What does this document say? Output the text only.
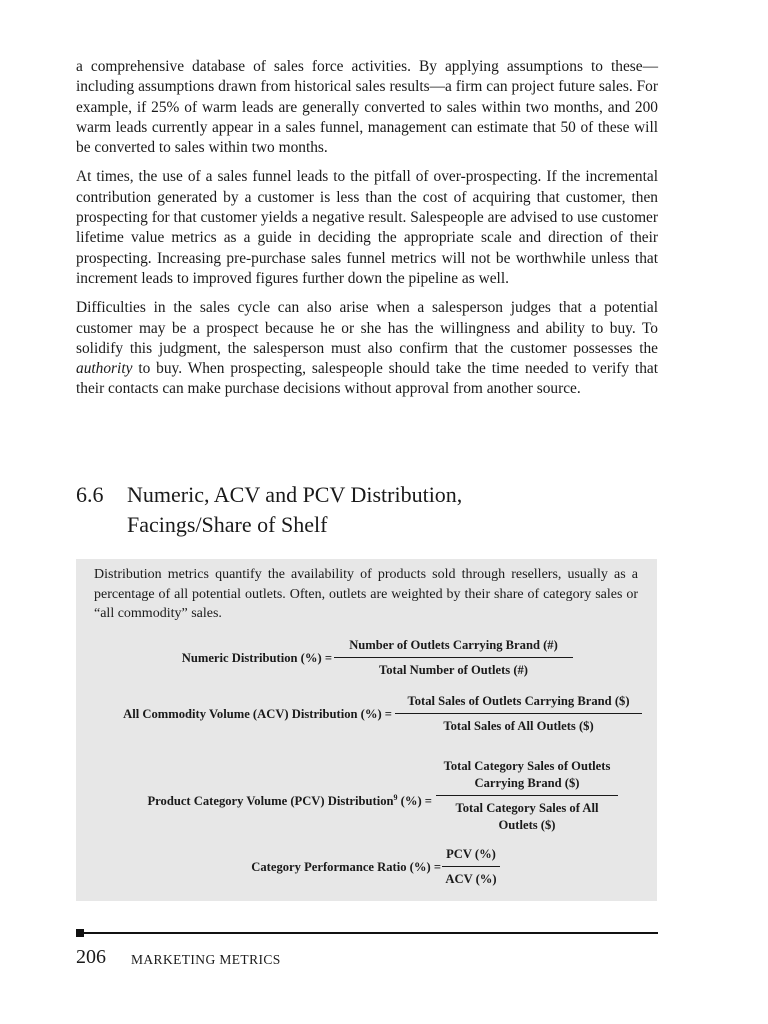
a comprehensive database of sales force activities. By applying assumptions to these—including assumptions drawn from historical sales results—a firm can project future sales. For example, if 25% of warm leads are generally converted to sales within two months, and 200 warm leads currently appear in a sales funnel, management can estimate that 50 of these will be converted to sales within two months.

At times, the use of a sales funnel leads to the pitfall of over-prospecting. If the incremental contribution generated by a customer is less than the cost of acquiring that customer, then prospecting for that customer yields a negative result. Salespeople are advised to use customer lifetime value metrics as a guide in deciding the appropriate scale and direction of their prospecting. Increasing pre-purchase sales funnel metrics will not be worthwhile unless that increment leads to improved figures further down the pipeline as well.

Difficulties in the sales cycle can also arise when a salesperson judges that a potential customer may be a prospect because he or she has the willingness and ability to buy. To solidify this judgment, the salesperson must also confirm that the customer possesses the authority to buy. When prospecting, salespeople should take the time needed to verify that their contacts can make purchase decisions without approval from another source.

6.6 Numeric, ACV and PCV Distribution,
Facings/Share of Shelf
Distribution metrics quantify the availability of products sold through resellers, usually as a percentage of all potential outlets. Often, outlets are weighted by their share of category sales or “all commodity” sales.
Numeric Distribution (%) =
Number of Outlets Carrying Brand (#)
Total Number of Outlets (#)
All Commodity Volume (ACV) Distribution (%) =
Total Sales of Outlets Carrying Brand ($)
Total Sales of All Outlets ($)
Product Category Volume (PCV) Distribution$^9$ (%) =
Total Category Sales of Outlets
Carrying Brand ($)
Total Category Sales of All
Outlets ($)
Category Performance Ratio (%) =
PCV (%)
ACV (%)
206 MARKETING METRICS
